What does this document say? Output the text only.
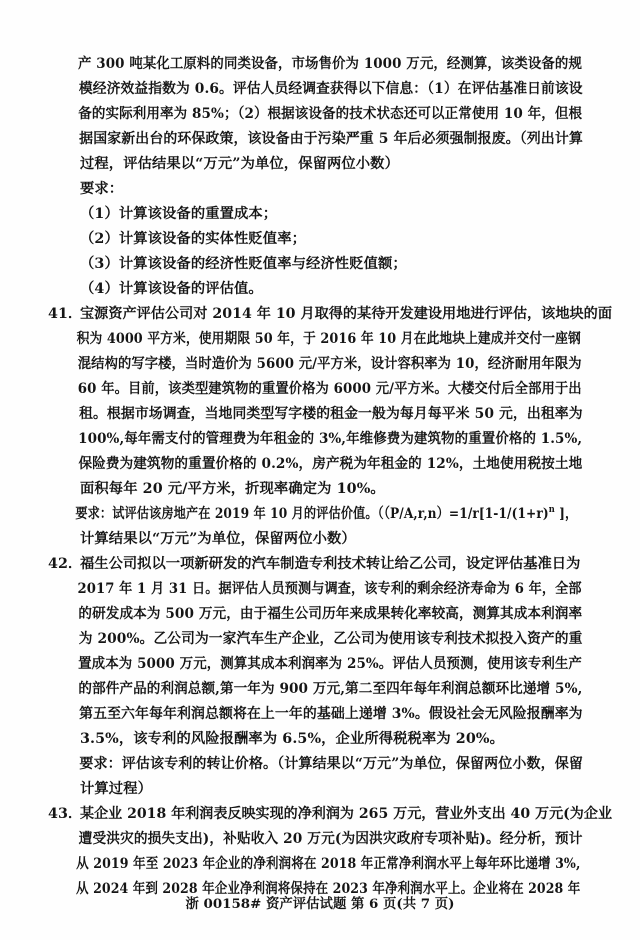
产 300 吨某化工原料的同类设备，市场售价为 1000 万元，经测算，该类设备的规
模经济效益指数为 0.6。评估人员经调查获得以下信息：（1）在评估基准日前该设
备的实际利用率为 85%；（2）根据该设备的技术状态还可以正常使用 10 年，但根
据国家新出台的环保政策，该设备由于污染严重 5 年后必须强制报废。（列出计算
过程，评估结果以“万元”为单位，保留两位小数）
要求：
（1）计算该设备的重置成本；
（2）计算该设备的实体性贬值率；
（3）计算该设备的经济性贬值率与经济性贬值额；
（4）计算该设备的评估值。
41．
宝源资产评估公司对 2014 年 10 月取得的某待开发建设用地进行评估，该地块的面
积为 4000 平方米，使用期限 50 年，于 2016 年 10 月在此地块上建成并交付一座钢
混结构的写字楼，当时造价为 5600 元/平方米，设计容积率为 10，经济耐用年限为
60 年。目前，该类型建筑物的重置价格为 6000 元/平方米。大楼交付后全部用于出
租。根据市场调查，当地同类型写字楼的租金一般为每月每平米 50 元，出租率为
100%,每年需支付的管理费为年租金的 3%,年维修费为建筑物的重置价格的 1.5%,
保险费为建筑物的重置价格的 0.2%，房产税为年租金的 12%，土地使用税按土地
面积每年 20 元/平方米，折现率确定为 10%。
要求：试评估该房地产在 2019 年 10 月的评估价值。（$(P/A,r,n)=1/r[1-1/(1+r)^n$ ]，
计算结果以“万元”为单位，保留两位小数）
42．
福生公司拟以一项新研发的汽车制造专利技术转让给乙公司，设定评估基准日为
2017 年 1 月 31 日。据评估人员预测与调查，该专利的剩余经济寿命为 6 年，全部
的研发成本为 500 万元，由于福生公司历年来成果转化率较高，测算其成本利润率
为 200%。乙公司为一家汽车生产企业，乙公司为使用该专利技术拟投入资产的重
置成本为 5000 万元，测算其成本利润率为 25%。评估人员预测，使用该专利生产
的部件产品的利润总额,第一年为 900 万元,第二至四年每年利润总额环比递增 5%,
第五至六年每年利润总额将在上一年的基础上递增 3%。假设社会无风险报酬率为
3.5%，该专利的风险报酬率为 6.5%，企业所得税税率为 20%。
要求：评估该专利的转让价格。（计算结果以“万元”为单位，保留两位小数，保留
计算过程）
43．
某企业 2018 年利润表反映实现的净利润为 265 万元，营业外支出 40 万元(为企业
遭受洪灾的损失支出)，补贴收入 20 万元(为因洪灾政府专项补贴)。经分析，预计
从 2019 年至 2023 年企业的净利润将在 2018 年正常净利润水平上每年环比递增 3%,
从 2024 年到 2028 年企业净利润将保持在 2023 年净利润水平上。企业将在 2028 年
浙 00158# 资产评估试题 第 6 页(共 7 页)
